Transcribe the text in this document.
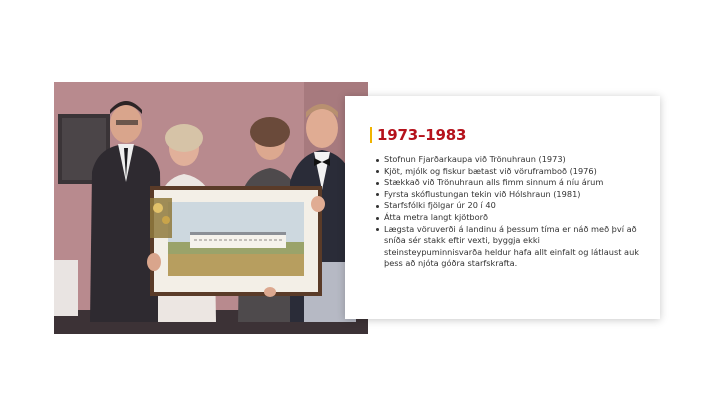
1973–1983
Stofnun Fjarðarkaupa við Trönuhraun (1973)
Kjöt, mjólk og fiskur bætast við vöruframboð (1976)
Stækkað við Trönuhraun alls fimm sinnum á níu árum
Fyrsta skóflustungan tekin við Hólshraun (1981)
Starfsfólki fjölgar úr 20 í 40
Átta metra langt kjötborð
Lægsta vöruverði á landinu á þessum tíma er náð með því að sníða sér stakk eftir vexti, byggja ekki steinsteypuminnisvarða heldur hafa allt einfalt og látlaust auk þess að njóta góðra starfskrafta.
